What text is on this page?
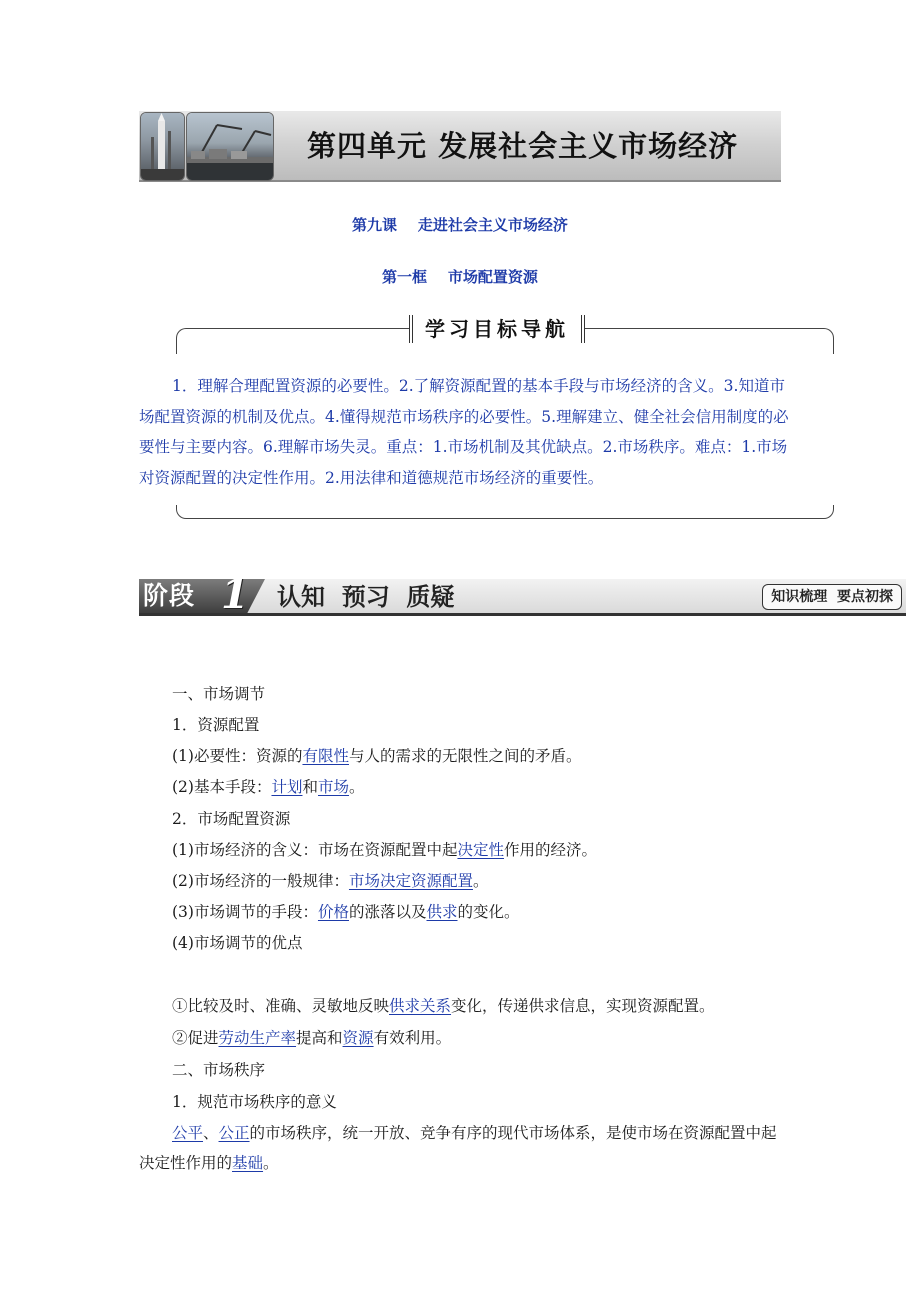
第四单元 发展社会主义市场经济
第九课    走进社会主义市场经济
第一框    市场配置资源
学习目标导航
1．理解合理配置资源的必要性。2.了解资源配置的基本手段与市场经济的含义。3.知道市场配置资源的机制及优点。4.懂得规范市场秩序的必要性。5.理解建立、健全社会信用制度的必要性与主要内容。6.理解市场失灵。重点：1.市场机制及其优缺点。2.市场秩序。难点：1.市场对资源配置的决定性作用。2.用法律和道德规范市场经济的重要性。
阶段 1 认知  预习  质疑	知识梳理  要点初探
一、市场调节
1．资源配置
(1)必要性：资源的有限性与人的需求的无限性之间的矛盾。
(2)基本手段：计划和市场。
2．市场配置资源
(1)市场经济的含义：市场在资源配置中起决定性作用的经济。
(2)市场经济的一般规律：市场决定资源配置。
(3)市场调节的手段：价格的涨落以及供求的变化。
(4)市场调节的优点
①比较及时、准确、灵敏地反映供求关系变化，传递供求信息，实现资源配置。
②促进劳动生产率提高和资源有效利用。
二、市场秩序
1．规范市场秩序的意义
公平、公正的市场秩序，统一开放、竞争有序的现代市场体系，是使市场在资源配置中起决定性作用的基础。
